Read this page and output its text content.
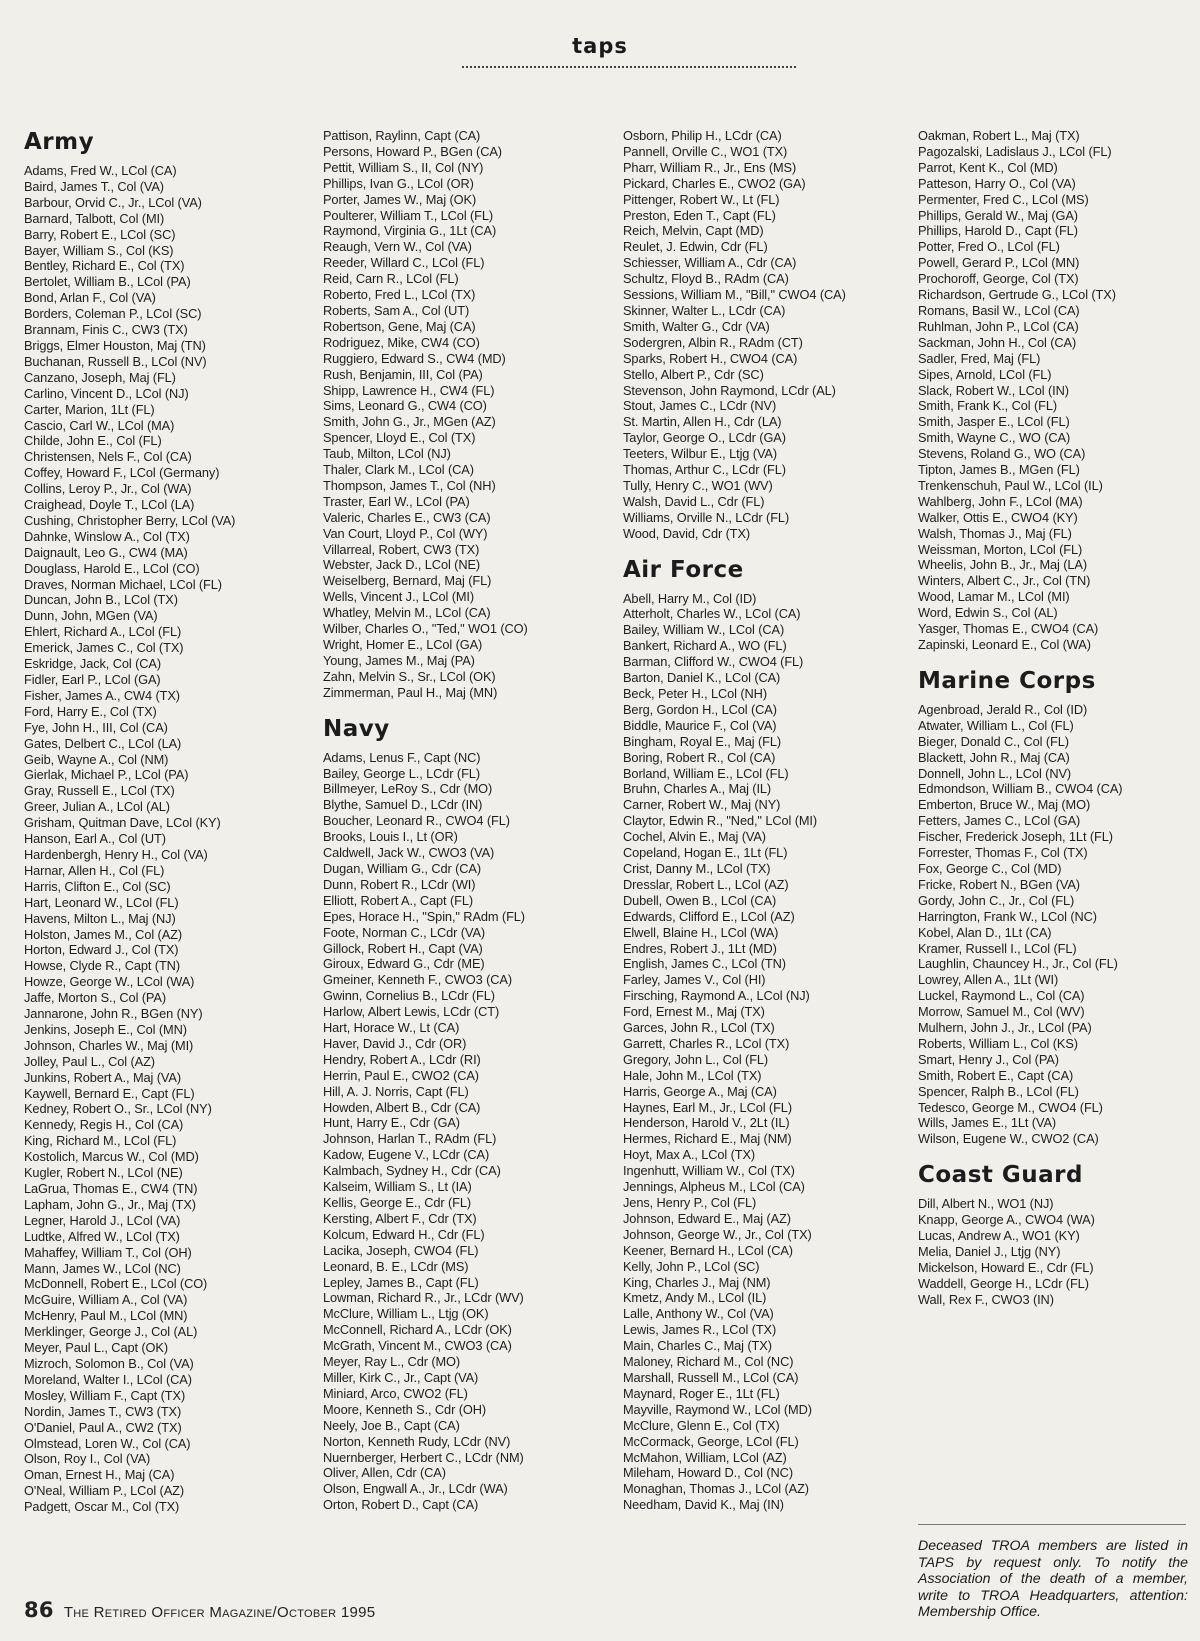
taps
Army
Adams, Fred W., LCol (CA)
Baird, James T., Col (VA)
Barbour, Orvid C., Jr., LCol (VA)
Barnard, Talbott, Col (MI)
Barry, Robert E., LCol (SC)
Bayer, William S., Col (KS)
Bentley, Richard E., Col (TX)
Bertolet, William B., LCol (PA)
Bond, Arlan F., Col (VA)
Borders, Coleman P., LCol (SC)
Brannam, Finis C., CW3 (TX)
Briggs, Elmer Houston, Maj (TN)
Buchanan, Russell B., LCol (NV)
Canzano, Joseph, Maj (FL)
Carlino, Vincent D., LCol (NJ)
Carter, Marion, 1Lt (FL)
Cascio, Carl W., LCol (MA)
Childe, John E., Col (FL)
Christensen, Nels F., Col (CA)
Coffey, Howard F., LCol (Germany)
Collins, Leroy P., Jr., Col (WA)
Craighead, Doyle T., LCol (LA)
Cushing, Christopher Berry, LCol (VA)
Dahnke, Winslow A., Col (TX)
Daignault, Leo G., CW4 (MA)
Douglass, Harold E., LCol (CO)
Draves, Norman Michael, LCol (FL)
Duncan, John B., LCol (TX)
Dunn, John, MGen (VA)
Ehlert, Richard A., LCol (FL)
Emerick, James C., Col (TX)
Eskridge, Jack, Col (CA)
Fidler, Earl P., LCol (GA)
Fisher, James A., CW4 (TX)
Ford, Harry E., Col (TX)
Fye, John H., III, Col (CA)
Gates, Delbert C., LCol (LA)
Geib, Wayne A., Col (NM)
Gierlak, Michael P., LCol (PA)
Gray, Russell E., LCol (TX)
Greer, Julian A., LCol (AL)
Grisham, Quitman Dave, LCol (KY)
Hanson, Earl A., Col (UT)
Hardenbergh, Henry H., Col (VA)
Harnar, Allen H., Col (FL)
Harris, Clifton E., Col (SC)
Hart, Leonard W., LCol (FL)
Havens, Milton L., Maj (NJ)
Holston, James M., Col (AZ)
Horton, Edward J., Col (TX)
Howse, Clyde R., Capt (TN)
Howze, George W., LCol (WA)
Jaffe, Morton S., Col (PA)
Jannarone, John R., BGen (NY)
Jenkins, Joseph E., Col (MN)
Johnson, Charles W., Maj (MI)
Jolley, Paul L., Col (AZ)
Junkins, Robert A., Maj (VA)
Kaywell, Bernard E., Capt (FL)
Kedney, Robert O., Sr., LCol (NY)
Kennedy, Regis H., Col (CA)
King, Richard M., LCol (FL)
Kostolich, Marcus W., Col (MD)
Kugler, Robert N., LCol (NE)
LaGrua, Thomas E., CW4 (TN)
Lapham, John G., Jr., Maj (TX)
Legner, Harold J., LCol (VA)
Ludtke, Alfred W., LCol (TX)
Mahaffey, William T., Col (OH)
Mann, James W., LCol (NC)
McDonnell, Robert E., LCol (CO)
McGuire, William A., Col (VA)
McHenry, Paul M., LCol (MN)
Merklinger, George J., Col (AL)
Meyer, Paul L., Capt (OK)
Mizroch, Solomon B., Col (VA)
Moreland, Walter I., LCol (CA)
Mosley, William F., Capt (TX)
Nordin, James T., CW3 (TX)
O'Daniel, Paul A., CW2 (TX)
Olmstead, Loren W., Col (CA)
Olson, Roy I., Col (VA)
Oman, Ernest H., Maj (CA)
O'Neal, William P., LCol (AZ)
Padgett, Oscar M., Col (TX)
Pattison, Raylinn, Capt (CA)
Persons, Howard P., BGen (CA)
Pettit, William S., II, Col (NY)
Phillips, Ivan G., LCol (OR)
Porter, James W., Maj (OK)
Poulterer, William T., LCol (FL)
Raymond, Virginia G., 1Lt (CA)
Reaugh, Vern W., Col (VA)
Reeder, Willard C., LCol (FL)
Reid, Carn R., LCol (FL)
Roberto, Fred L., LCol (TX)
Roberts, Sam A., Col (UT)
Robertson, Gene, Maj (CA)
Rodriguez, Mike, CW4 (CO)
Ruggiero, Edward S., CW4 (MD)
Rush, Benjamin, III, Col (PA)
Shipp, Lawrence H., CW4 (FL)
Sims, Leonard G., CW4 (CO)
Smith, John G., Jr., MGen (AZ)
Spencer, Lloyd E., Col (TX)
Taub, Milton, LCol (NJ)
Thaler, Clark M., LCol (CA)
Thompson, James T., Col (NH)
Traster, Earl W., LCol (PA)
Valeric, Charles E., CW3 (CA)
Van Court, Lloyd P., Col (WY)
Villarreal, Robert, CW3 (TX)
Webster, Jack D., LCol (NE)
Weiselberg, Bernard, Maj (FL)
Wells, Vincent J., LCol (MI)
Whatley, Melvin M., LCol (CA)
Wilber, Charles O., "Ted," WO1 (CO)
Wright, Homer E., LCol (GA)
Young, James M., Maj (PA)
Zahn, Melvin S., Sr., LCol (OK)
Zimmerman, Paul H., Maj (MN)
Navy
Adams, Lenus F., Capt (NC)
Bailey, George L., LCdr (FL)
Billmeyer, LeRoy S., Cdr (MO)
Blythe, Samuel D., LCdr (IN)
Boucher, Leonard R., CWO4 (FL)
Brooks, Louis I., Lt (OR)
Caldwell, Jack W., CWO3 (VA)
Dugan, William G., Cdr (CA)
Dunn, Robert R., LCdr (WI)
Elliott, Robert A., Capt (FL)
Epes, Horace H., "Spin," RAdm (FL)
Foote, Norman C., LCdr (VA)
Gillock, Robert H., Capt (VA)
Giroux, Edward G., Cdr (ME)
Gmeiner, Kenneth F., CWO3 (CA)
Gwinn, Cornelius B., LCdr (FL)
Harlow, Albert Lewis, LCdr (CT)
Hart, Horace W., Lt (CA)
Haver, David J., Cdr (OR)
Hendry, Robert A., LCdr (RI)
Herrin, Paul E., CWO2 (CA)
Hill, A. J. Norris, Capt (FL)
Howden, Albert B., Cdr (CA)
Hunt, Harry E., Cdr (GA)
Johnson, Harlan T., RAdm (FL)
Kadow, Eugene V., LCdr (CA)
Kalmbach, Sydney H., Cdr (CA)
Kalseim, William S., Lt (IA)
Kellis, George E., Cdr (FL)
Kersting, Albert F., Cdr (TX)
Kolcum, Edward H., Cdr (FL)
Lacika, Joseph, CWO4 (FL)
Leonard, B. E., LCdr (MS)
Lepley, James B., Capt (FL)
Lowman, Richard R., Jr., LCdr (WV)
McClure, William L., Ltjg (OK)
McConnell, Richard A., LCdr (OK)
McGrath, Vincent M., CWO3 (CA)
Meyer, Ray L., Cdr (MO)
Miller, Kirk C., Jr., Capt (VA)
Miniard, Arco, CWO2 (FL)
Moore, Kenneth S., Cdr (OH)
Neely, Joe B., Capt (CA)
Norton, Kenneth Rudy, LCdr (NV)
Nuernberger, Herbert C., LCdr (NM)
Oliver, Allen, Cdr (CA)
Olson, Engwall A., Jr., LCdr (WA)
Orton, Robert D., Capt (CA)
Osborn, Philip H., LCdr (CA)
Pannell, Orville C., WO1 (TX)
Pharr, William R., Jr., Ens (MS)
Pickard, Charles E., CWO2 (GA)
Pittenger, Robert W., Lt (FL)
Preston, Eden T., Capt (FL)
Reich, Melvin, Capt (MD)
Reulet, J. Edwin, Cdr (FL)
Schiesser, William A., Cdr (CA)
Schultz, Floyd B., RAdm (CA)
Sessions, William M., "Bill," CWO4 (CA)
Skinner, Walter L., LCdr (CA)
Smith, Walter G., Cdr (VA)
Sodergren, Albin R., RAdm (CT)
Sparks, Robert H., CWO4 (CA)
Stello, Albert P., Cdr (SC)
Stevenson, John Raymond, LCdr (AL)
Stout, James C., LCdr (NV)
St. Martin, Allen H., Cdr (LA)
Taylor, George O., LCdr (GA)
Teeters, Wilbur E., Ltjg (VA)
Thomas, Arthur C., LCdr (FL)
Tully, Henry C., WO1 (WV)
Walsh, David L., Cdr (FL)
Williams, Orville N., LCdr (FL)
Wood, David, Cdr (TX)
Air Force
Abell, Harry M., Col (ID)
Atterholt, Charles W., LCol (CA)
Bailey, William W., LCol (CA)
Bankert, Richard A., WO (FL)
Barman, Clifford W., CWO4 (FL)
Barton, Daniel K., LCol (CA)
Beck, Peter H., LCol (NH)
Berg, Gordon H., LCol (CA)
Biddle, Maurice F., Col (VA)
Bingham, Royal E., Maj (FL)
Boring, Robert R., Col (CA)
Borland, William E., LCol (FL)
Bruhn, Charles A., Maj (IL)
Carner, Robert W., Maj (NY)
Claytor, Edwin R., "Ned," LCol (MI)
Cochel, Alvin E., Maj (VA)
Copeland, Hogan E., 1Lt (FL)
Crist, Danny M., LCol (TX)
Dresslar, Robert L., LCol (AZ)
Dubell, Owen B., LCol (CA)
Edwards, Clifford E., LCol (AZ)
Elwell, Blaine H., LCol (WA)
Endres, Robert J., 1Lt (MD)
English, James C., LCol (TN)
Farley, James V., Col (HI)
Firsching, Raymond A., LCol (NJ)
Ford, Ernest M., Maj (TX)
Garces, John R., LCol (TX)
Garrett, Charles R., LCol (TX)
Gregory, John L., Col (FL)
Hale, John M., LCol (TX)
Harris, George A., Maj (CA)
Haynes, Earl M., Jr., LCol (FL)
Henderson, Harold V., 2Lt (IL)
Hermes, Richard E., Maj (NM)
Hoyt, Max A., LCol (TX)
Ingenhutt, William W., Col (TX)
Jennings, Alpheus M., LCol (CA)
Jens, Henry P., Col (FL)
Johnson, Edward E., Maj (AZ)
Johnson, George W., Jr., Col (TX)
Keener, Bernard H., LCol (CA)
Kelly, John P., LCol (SC)
King, Charles J., Maj (NM)
Kmetz, Andy M., LCol (IL)
Lalle, Anthony W., Col (VA)
Lewis, James R., LCol (TX)
Main, Charles C., Maj (TX)
Maloney, Richard M., Col (NC)
Marshall, Russell M., LCol (CA)
Maynard, Roger E., 1Lt (FL)
Mayville, Raymond W., LCol (MD)
McClure, Glenn E., Col (TX)
McCormack, George, LCol (FL)
McMahon, William, LCol (AZ)
Mileham, Howard D., Col (NC)
Monaghan, Thomas J., LCol (AZ)
Needham, David K., Maj (IN)
Oakman, Robert L., Maj (TX)
Pagozalski, Ladislaus J., LCol (FL)
Parrot, Kent K., Col (MD)
Patteson, Harry O., Col (VA)
Permenter, Fred C., LCol (MS)
Phillips, Gerald W., Maj (GA)
Phillips, Harold D., Capt (FL)
Potter, Fred O., LCol (FL)
Powell, Gerard P., LCol (MN)
Prochoroff, George, Col (TX)
Richardson, Gertrude G., LCol (TX)
Romans, Basil W., LCol (CA)
Ruhlman, John P., LCol (CA)
Sackman, John H., Col (CA)
Sadler, Fred, Maj (FL)
Sipes, Arnold, LCol (FL)
Slack, Robert W., LCol (IN)
Smith, Frank K., Col (FL)
Smith, Jasper E., LCol (FL)
Smith, Wayne C., WO (CA)
Stevens, Roland G., WO (CA)
Tipton, James B., MGen (FL)
Trenkenschuh, Paul W., LCol (IL)
Wahlberg, John F., LCol (MA)
Walker, Ottis E., CWO4 (KY)
Walsh, Thomas J., Maj (FL)
Weissman, Morton, LCol (FL)
Wheelis, John B., Jr., Maj (LA)
Winters, Albert C., Jr., Col (TN)
Wood, Lamar M., LCol (MI)
Word, Edwin S., Col (AL)
Yasger, Thomas E., CWO4 (CA)
Zapinski, Leonard E., Col (WA)
Marine Corps
Agenbroad, Jerald R., Col (ID)
Atwater, William L., Col (FL)
Bieger, Donald C., Col (FL)
Blackett, John R., Maj (CA)
Donnell, John L., LCol (NV)
Edmondson, William B., CWO4 (CA)
Emberton, Bruce W., Maj (MO)
Fetters, James C., LCol (GA)
Fischer, Frederick Joseph, 1Lt (FL)
Forrester, Thomas F., Col (TX)
Fox, George C., Col (MD)
Fricke, Robert N., BGen (VA)
Gordy, John C., Jr., Col (FL)
Harrington, Frank W., LCol (NC)
Kobel, Alan D., 1Lt (CA)
Kramer, Russell I., LCol (FL)
Laughlin, Chauncey H., Jr., Col (FL)
Lowrey, Allen A., 1Lt (WI)
Luckel, Raymond L., Col (CA)
Morrow, Samuel M., Col (WV)
Mulhern, John J., Jr., LCol (PA)
Roberts, William L., Col (KS)
Smart, Henry J., Col (PA)
Smith, Robert E., Capt (CA)
Spencer, Ralph B., LCol (FL)
Tedesco, George M., CWO4 (FL)
Wills, James E., 1Lt (VA)
Wilson, Eugene W., CWO2 (CA)
Coast Guard
Dill, Albert N., WO1 (NJ)
Knapp, George A., CWO4 (WA)
Lucas, Andrew A., WO1 (KY)
Melia, Daniel J., Ltjg (NY)
Mickelson, Howard E., Cdr (FL)
Waddell, George H., LCdr (FL)
Wall, Rex F., CWO3 (IN)
Deceased TROA members are listed in TAPS by request only. To notify the Association of the death of a member, write to TROA Headquarters, attention: Membership Office.
86 The Retired Officer Magazine/October 1995
